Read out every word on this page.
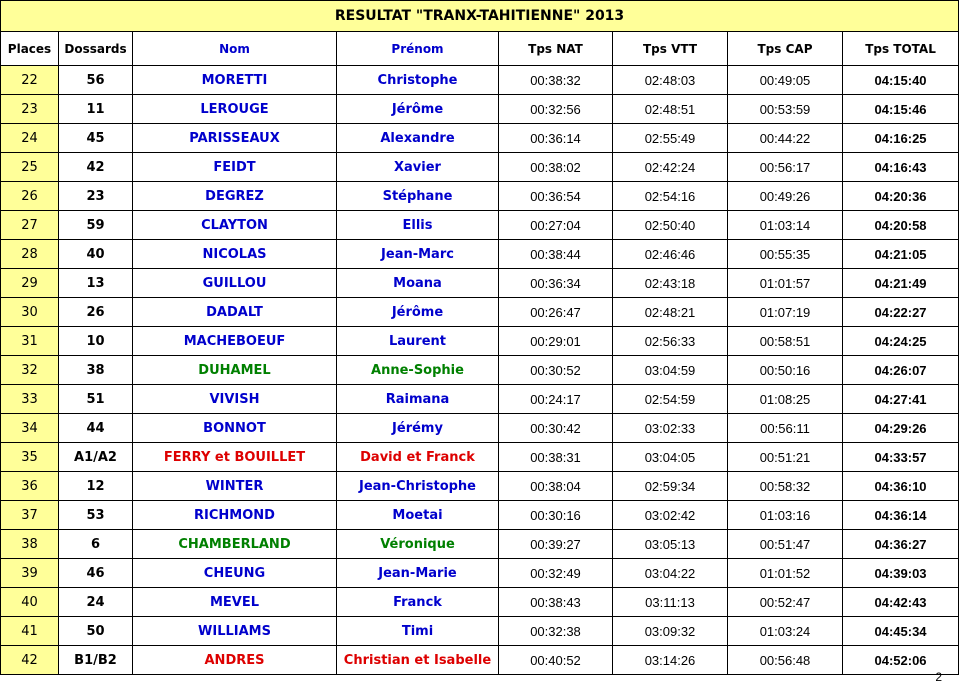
RESULTAT "TRANX-TAHITIENNE" 2013							
Places	Dossards	Nom	Prénom	Tps NAT	Tps VTT	Tps CAP	Tps TOTAL
22	56	MORETTI	Christophe	00:38:32	02:48:03	00:49:05	04:15:40
23	11	LEROUGE	Jérôme	00:32:56	02:48:51	00:53:59	04:15:46
24	45	PARISSEAUX	Alexandre	00:36:14	02:55:49	00:44:22	04:16:25
25	42	FEIDT	Xavier	00:38:02	02:42:24	00:56:17	04:16:43
26	23	DEGREZ	Stéphane	00:36:54	02:54:16	00:49:26	04:20:36
27	59	CLAYTON	Ellis	00:27:04	02:50:40	01:03:14	04:20:58
28	40	NICOLAS	Jean-Marc	00:38:44	02:46:46	00:55:35	04:21:05
29	13	GUILLOU	Moana	00:36:34	02:43:18	01:01:57	04:21:49
30	26	DADALT	Jérôme	00:26:47	02:48:21	01:07:19	04:22:27
31	10	MACHEBOEUF	Laurent	00:29:01	02:56:33	00:58:51	04:24:25
32	38	DUHAMEL	Anne-Sophie	00:30:52	03:04:59	00:50:16	04:26:07
33	51	VIVISH	Raimana	00:24:17	02:54:59	01:08:25	04:27:41
34	44	BONNOT	Jérémy	00:30:42	03:02:33	00:56:11	04:29:26
35	A1/A2	FERRY et BOUILLET	David et Franck	00:38:31	03:04:05	00:51:21	04:33:57
36	12	WINTER	Jean-Christophe	00:38:04	02:59:34	00:58:32	04:36:10
37	53	RICHMOND	Moetai	00:30:16	03:02:42	01:03:16	04:36:14
38	6	CHAMBERLAND	Véronique	00:39:27	03:05:13	00:51:47	04:36:27
39	46	CHEUNG	Jean-Marie	00:32:49	03:04:22	01:01:52	04:39:03
40	24	MEVEL	Franck	00:38:43	03:11:13	00:52:47	04:42:43
41	50	WILLIAMS	Timi	00:32:38	03:09:32	01:03:24	04:45:34
42	B1/B2	ANDRES	Christian et Isabelle	00:40:52	03:14:26	00:56:48	04:52:06
2
